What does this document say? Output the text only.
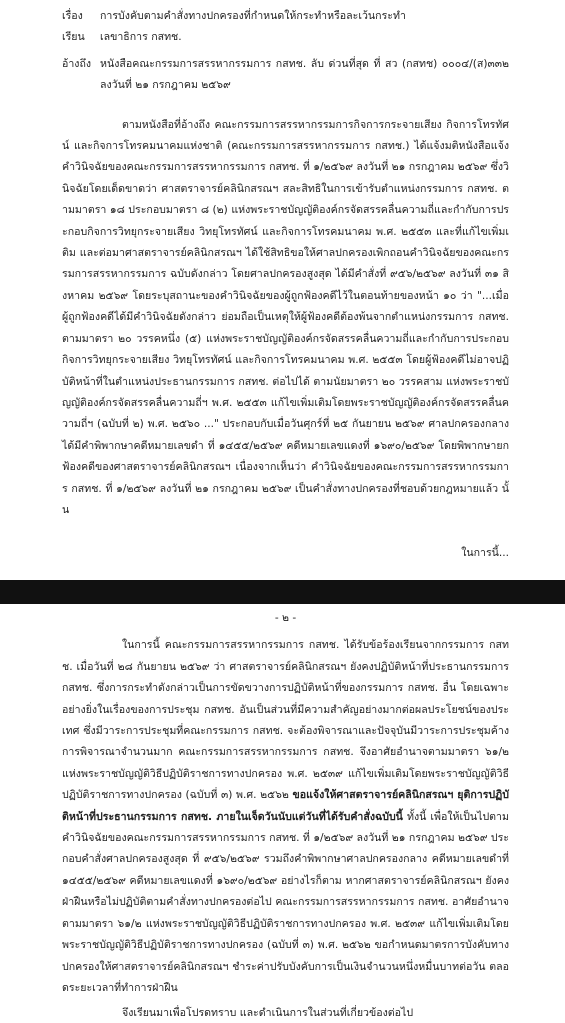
เรื่อง	การบังคับตามคำสั่งทางปกครองที่กำหนดให้กระทำหรือละเว้นกระทำ
เรียน	เลขาธิการ กสทช.
อ้างถึง หนังสือคณะกรรมการสรรหากรรมการ กสทช. ลับ ด่วนที่สุด ที่ สว (กสทช) ๐๐๐๔/(ส)๓๓๒ ลงวันที่ ๒๑ กรกฎาคม ๒๕๖๙

ตามหนังสือที่อ้างถึง คณะกรรมการสรรหากรรมการกิจการกระจายเสียง กิจการโทรทัศน์ และกิจการโทรคมนาคมแห่งชาติ (คณะกรรมการสรรหากรรมการ กสทช.) ได้แจ้งมติหนังสือแจ้งคำวินิจฉัยของคณะกรรมการสรรหากรรมการ กสทช. ที่ ๑/๒๕๖๙ ลงวันที่ ๒๑ กรกฎาคม ๒๕๖๙ ซึ่งวินิจฉัยโดยเด็ดขาดว่า ศาสตราจารย์คลินิกสรณฯ สละสิทธิในการเข้ารับตำแหน่งกรรมการ กสทช. ตามมาตรา ๑๘ ประกอบมาตรา ๘ (๒) แห่งพระราชบัญญัติองค์กรจัดสรรคลื่นความถี่และกำกับการประกอบกิจการวิทยุกระจายเสียง วิทยุโทรทัศน์ และกิจการโทรคมนาคม พ.ศ. ๒๕๕๓ และที่แก้ไขเพิ่มเติม และต่อมาศาสตราจารย์คลินิกสรณฯ ได้ใช้สิทธิขอให้ศาลปกครองเพิกถอนคำวินิจฉัยของคณะกรรมการสรรหากรรมการ ฉบับดังกล่าว โดยศาลปกครองสูงสุด ได้มีคำสั่งที่ ๙๕๖/๒๕๖๙ ลงวันที่ ๓๑ สิงหาคม ๒๕๖๙ โดยระบุสถานะของคำวินิจฉัยของผู้ถูกฟ้องคดีไว้ในตอนท้ายของหน้า ๑๐ ว่า "...เมื่อผู้ถูกฟ้องคดีได้มีคำวินิจฉัยดังกล่าว ย่อมถือเป็นเหตุให้ผู้ฟ้องคดีต้องพ้นจากตำแหน่งกรรมการ กสทช. ตามมาตรา ๒๐ วรรคหนึ่ง (๕) แห่งพระราชบัญญัติองค์กรจัดสรรคลื่นความถี่และกำกับการประกอบกิจการวิทยุกระจายเสียง วิทยุโทรทัศน์ และกิจการโทรคมนาคม พ.ศ. ๒๕๕๓ โดยผู้ฟ้องคดีไม่อาจปฏิบัติหน้าที่ในตำแหน่งประธานกรรมการ กสทช. ต่อไปได้ ตามนัยมาตรา ๒๐ วรรคสาม แห่งพระราชบัญญัติองค์กรจัดสรรคลื่นความถี่ฯ พ.ศ. ๒๕๕๓ แก้ไขเพิ่มเติมโดยพระราชบัญญัติองค์กรจัดสรรคลื่นความถี่ฯ (ฉบับที่ ๒) พ.ศ. ๒๕๖๐ ..." ประกอบกับเมื่อวันศุกร์ที่ ๒๕ กันยายน ๒๕๖๙ ศาลปกครองกลางได้มีคำพิพากษาคดีหมายเลขดำ ที่ ๑๔๕๕/๒๕๖๙ คดีหมายเลขแดงที่ ๑๖๙๐/๒๕๖๙ โดยพิพากษายกฟ้องคดีของศาสตราจารย์คลินิกสรณฯ เนื่องจากเห็นว่า คำวินิจฉัยของคณะกรรมการสรรหากรรมการ กสทช. ที่ ๑/๒๕๖๙ ลงวันที่ ๒๑ กรกฎาคม ๒๕๖๙ เป็นคำสั่งทางปกครองที่ชอบด้วยกฎหมายแล้ว นั้น

ในการนี้...
- ๒ -

ในการนี้ คณะกรรมการสรรหากรรมการ กสทช. ได้รับข้อร้องเรียนจากกรรมการ กสทช. เมื่อวันที่ ๒๘ กันยายน ๒๕๖๙ ว่า ศาสตราจารย์คลินิกสรณฯ ยังคงปฏิบัติหน้าที่ประธานกรรมการ กสทช. ซึ่งการกระทำดังกล่าวเป็นการขัดขวางการปฏิบัติหน้าที่ของกรรมการ กสทช. อื่น โดยเฉพาะอย่างยิ่งในเรื่องของการประชุม กสทช. อันเป็นส่วนที่มีความสำคัญอย่างมากต่อผลประโยชน์ของประเทศ ซึ่งมีวาระการประชุมที่คณะกรรมการ กสทช. จะต้องพิจารณาและปัจจุบันมีวาระการประชุมค้างการพิจารณาจำนวนมาก คณะกรรมการสรรหากรรมการ กสทช. จึงอาศัยอำนาจตามมาตรา ๖๑/๒ แห่งพระราชบัญญัติวิธีปฏิบัติราชการทางปกครอง พ.ศ. ๒๕๓๙ แก้ไขเพิ่มเติมโดยพระราชบัญญัติวิธีปฏิบัติราชการทางปกครอง (ฉบับที่ ๓) พ.ศ. ๒๕๖๒ ขอแจ้งให้ศาสตราจารย์คลินิกสรณฯ ยุติการปฏิบัติหน้าที่ประธานกรรมการ กสทช. ภายในเจ็ดวันนับแต่วันที่ได้รับคำสั่งฉบับนี้ ทั้งนี้ เพื่อให้เป็นไปตามคำวินิจฉัยของคณะกรรมการสรรหากรรมการ กสทช. ที่ ๑/๒๕๖๙ ลงวันที่ ๒๑ กรกฎาคม ๒๕๖๙ ประกอบคำสั่งศาลปกครองสูงสุด ที่ ๙๕๖/๒๕๖๙ รวมถึงคำพิพากษาศาลปกครองกลาง คดีหมายเลขดำที่ ๑๔๕๕/๒๕๖๙ คดีหมายเลขแดงที่ ๑๖๙๐/๒๕๖๙ อย่างไรก็ตาม หากศาสตราจารย์คลินิกสรณฯ ยังคงฝ่าฝืนหรือไม่ปฏิบัติตามคำสั่งทางปกครองต่อไป คณะกรรมการสรรหากรรมการ กสทช. อาศัยอำนาจตามมาตรา ๖๑/๒ แห่งพระราชบัญญัติวิธีปฏิบัติราชการทางปกครอง พ.ศ. ๒๕๓๙ แก้ไขเพิ่มเติมโดยพระราชบัญญัติวิธีปฏิบัติราชการทางปกครอง (ฉบับที่ ๓) พ.ศ. ๒๕๖๒ ขอกำหนดมาตรการบังคับทางปกครองให้ศาสตราจารย์คลินิกสรณฯ ชำระค่าปรับบังคับการเป็นเงินจำนวนหนึ่งหมื่นบาทต่อวัน ตลอดระยะเวลาที่ทำการฝ่าฝืน

จึงเรียนมาเพื่อโปรดทราบ และดำเนินการในส่วนที่เกี่ยวข้องต่อไป
